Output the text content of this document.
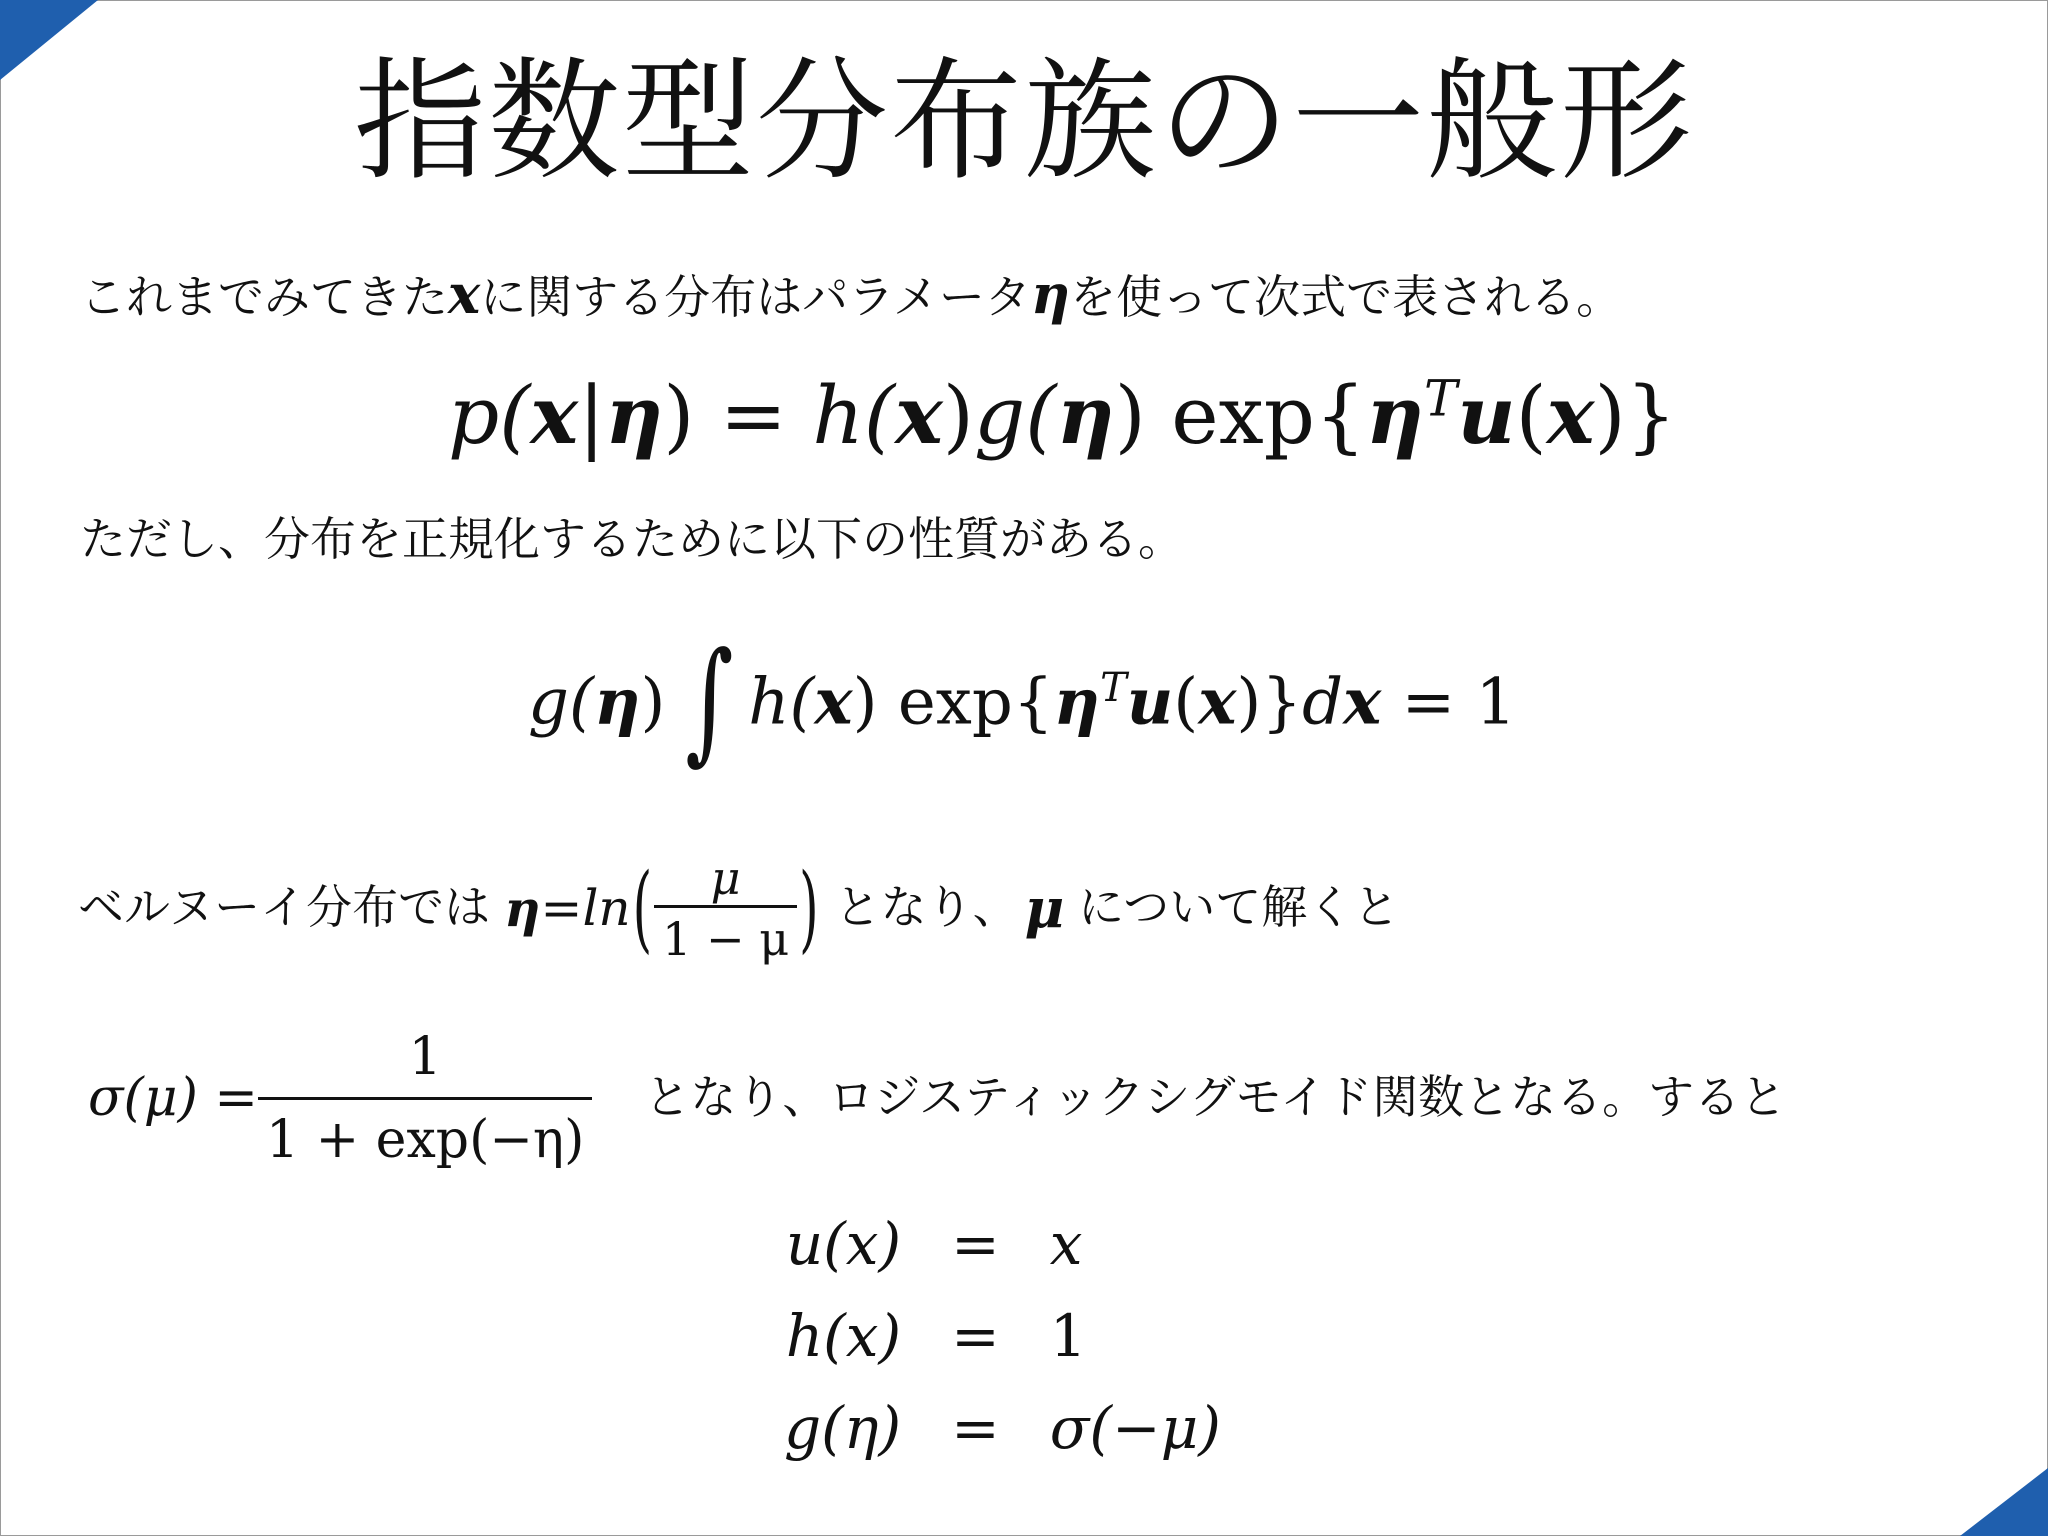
指数型分布族の一般形
これまでみてきたxに関する分布はパラメータηを使って次式で表される。
p(x|η) = h(x)g(η) $\exp\{\eta^Tu(x)\}$
ただし、分布を正規化するために以下の性質がある。
g(η) ∫ h(x) $\exp\{\eta^Tu(x)\}dx = 1$
ベルヌーイ分布では η = ln ( $\frac{\mu}{1 - \mu}$ ) となり、 μ について解くと
$\sigma(\mu) = \frac{1}{1 + \exp(-\eta)}$ となり、ロジスティックシグモイド関数となる。すると
u(x)	=	x
h(x)	=	1
g(η)	=	σ(−μ)
